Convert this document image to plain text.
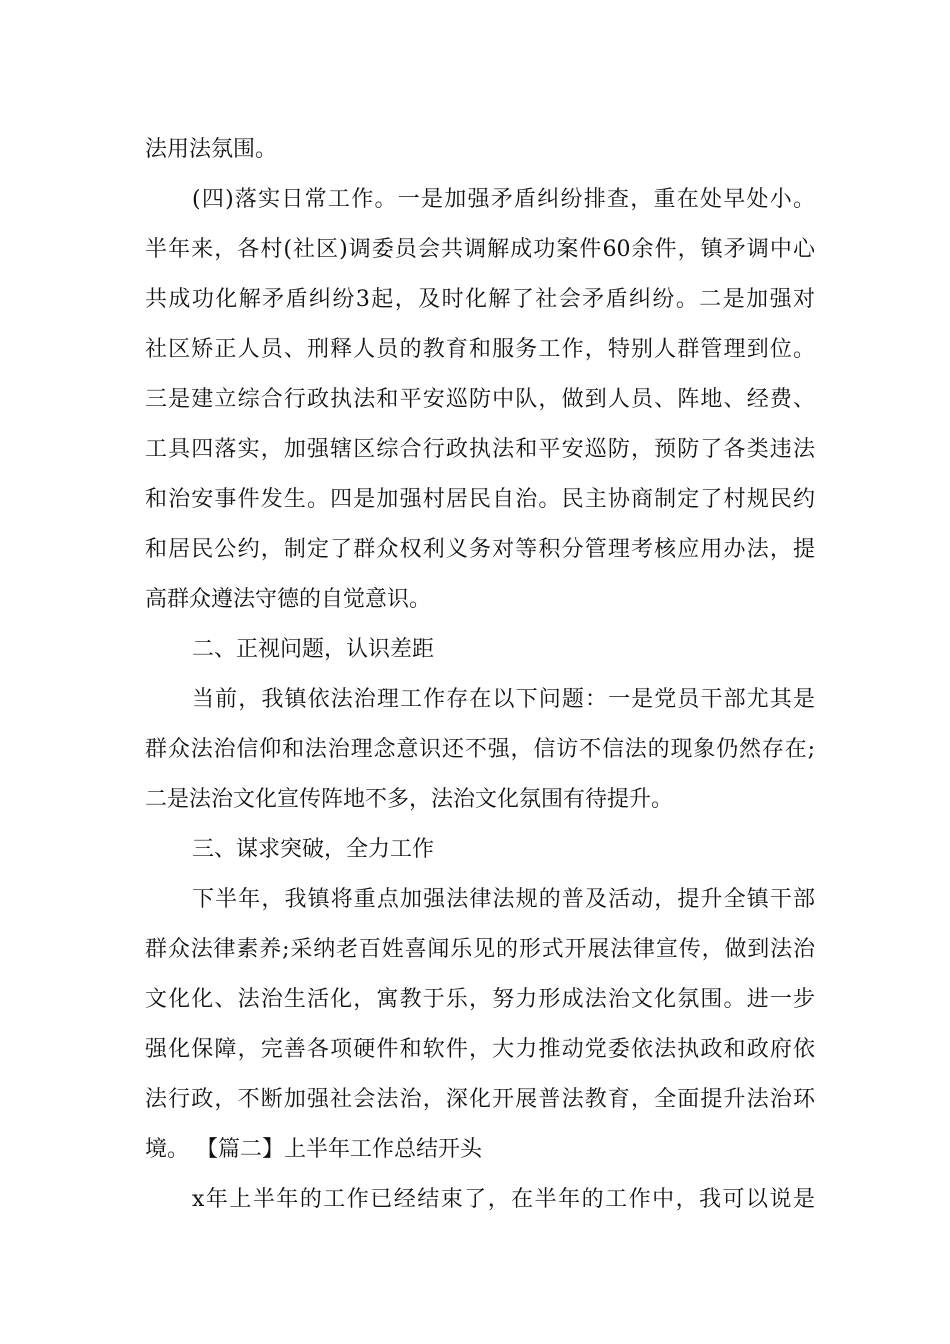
法用法氛围。
(四)落实日常工作。一是加强矛盾纠纷排查，重在处早处小。
半年来，各村(社区)调委员会共调解成功案件60余件，镇矛调中心
共成功化解矛盾纠纷3起，及时化解了社会矛盾纠纷。二是加强对
社区矫正人员、刑释人员的教育和服务工作，特别人群管理到位。
三是建立综合行政执法和平安巡防中队，做到人员、阵地、经费、
工具四落实，加强辖区综合行政执法和平安巡防，预防了各类违法
和治安事件发生。四是加强村居民自治。民主协商制定了村规民约
和居民公约，制定了群众权利义务对等积分管理考核应用办法，提
高群众遵法守德的自觉意识。
二、正视问题，认识差距
当前，我镇依法治理工作存在以下问题：一是党员干部尤其是
群众法治信仰和法治理念意识还不强，信访不信法的现象仍然存在;
二是法治文化宣传阵地不多，法治文化氛围有待提升。
三、谋求突破，全力工作
下半年，我镇将重点加强法律法规的普及活动，提升全镇干部
群众法律素养;采纳老百姓喜闻乐见的形式开展法律宣传，做到法治
文化化、法治生活化，寓教于乐，努力形成法治文化氛围。进一步
强化保障，完善各项硬件和软件，大力推动党委依法执政和政府依
法行政，不断加强社会法治，深化开展普法教育，全面提升法治环
境。 【篇二】上半年工作总结开头
x年上半年的工作已经结束了，在半年的工作中，我可以说是
